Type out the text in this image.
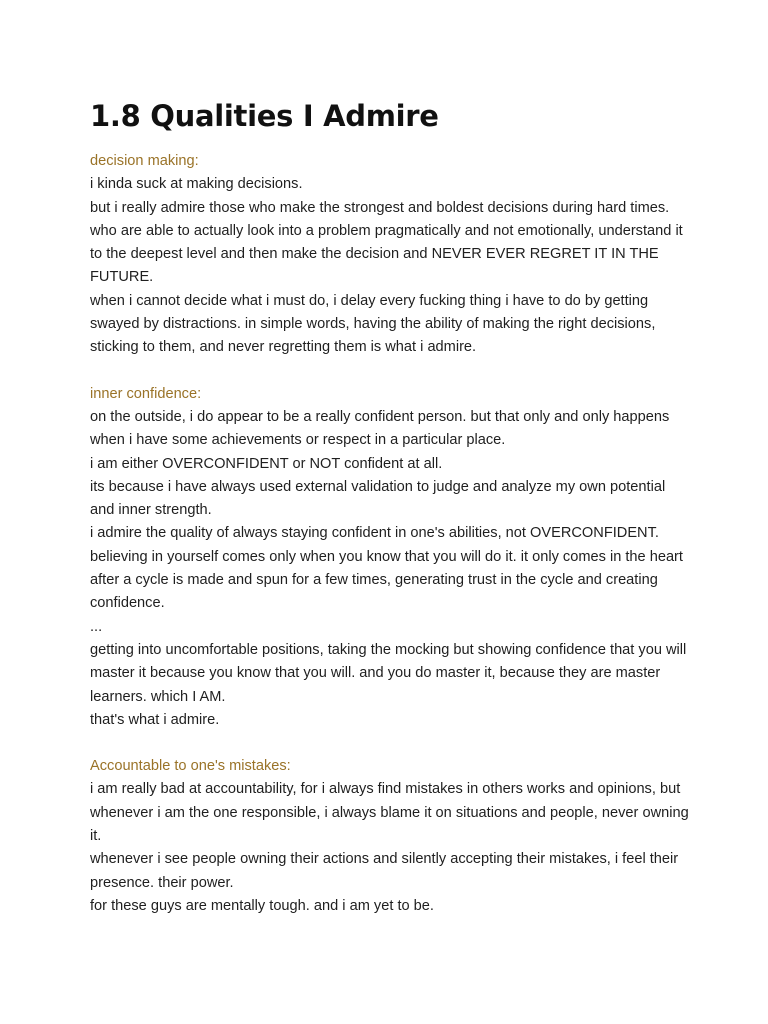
1.8 Qualities I Admire

decision making:

i kinda suck at making decisions.

but i really admire those who make the strongest and boldest decisions during hard times. who are able to actually look into a problem pragmatically and not emotionally, understand it to the deepest level and then make the decision and NEVER EVER REGRET IT IN THE FUTURE.

when i cannot decide what i must do, i delay every fucking thing i have to do by getting swayed by distractions. in simple words, having the ability of making the right decisions, sticking to them, and never regretting them is what i admire.

inner confidence:

on the outside, i do appear to be a really confident person. but that only and only happens when i have some achievements or respect in a particular place.

i am either OVERCONFIDENT or NOT confident at all.

its because i have always used external validation to judge and analyze my own potential and inner strength.

i admire the quality of always staying confident in one's abilities, not OVERCONFIDENT. believing in yourself comes only when you know that you will do it. it only comes in the heart after a cycle is made and spun for a few times, generating trust in the cycle and creating confidence.

...

getting into uncomfortable positions, taking the mocking but showing confidence that you will master it because you know that you will. and you do master it, because they are master learners. which I AM.

that's what i admire.

Accountable to one's mistakes:

i am really bad at accountability, for i always find mistakes in others works and opinions, but whenever i am the one responsible, i always blame it on situations and people, never owning it.

whenever i see people owning their actions and silently accepting their mistakes, i feel their presence. their power.

for these guys are mentally tough. and i am yet to be.
